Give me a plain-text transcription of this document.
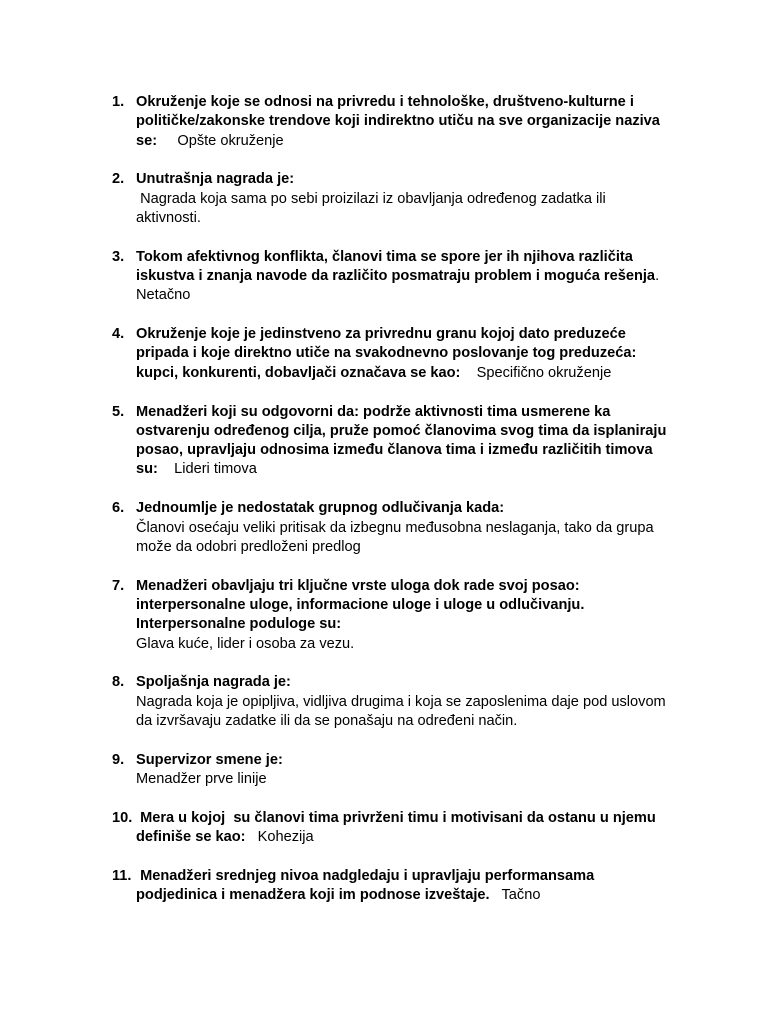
1. Okruženje koje se odnosi na privredu i tehnološke, društveno-kulturne i političke/zakonske trendove koji indirektno utiču na sve organizacije naziva se:     Opšte okruženje
2. Unutrašnja nagrada je:
Nagrada koja sama po sebi proizilazi iz obavljanja određenog zadatka ili aktivnosti.
3. Tokom afektivnog konflikta, članovi tima se spore jer ih njihova različita iskustva i znanja navode da različito posmatraju problem i moguća rešenja. Netačno
4. Okruženje koje je jedinstveno za privrednu granu kojoj dato preduzeće pripada i koje direktno utiče na svakodnevno poslovanje tog preduzeća: kupci, konkurenti, dobavljači označava se kao:    Specifično okruženje
5. Menadžeri koji su odgovorni da: podrže aktivnosti tima usmerene ka ostvarenju određenog cilja, pruže pomoć članovima svog tima da isplaniraju posao, upravljaju odnosima između članova tima i između različitih timova su:    Lideri timova
6. Jednoumlje je nedostatak grupnog odlučivanja kada:
Članovi osećaju veliki pritisak da izbegnu međusobna neslaganja, tako da grupa može da odobri predloženi predlog
7. Menadžeri obavljaju tri ključne vrste uloga dok rade svoj posao: interpersonalne uloge, informacione uloge i uloge u odlučivanju. Interpersonalne poduloge su:
Glava kuće, lider i osoba za vezu.
8. Spoljašnja nagrada je:
Nagrada koja je opipljiva, vidljiva drugima i koja se zaposlenima daje pod uslovom da izvršavaju zadatke ili da se ponašaju na određeni način.
9. Supervizor smene je:
Menadžer prve linije
10. Mera u kojoj  su članovi tima privrženi timu i motivisani da ostanu u njemu definiše se kao:   Kohezija
11. Menadžeri srednjeg nivoa nadgledaju i upravljaju performansama podjedinica i menadžera koji im podnose izveštaje.   Tačno
